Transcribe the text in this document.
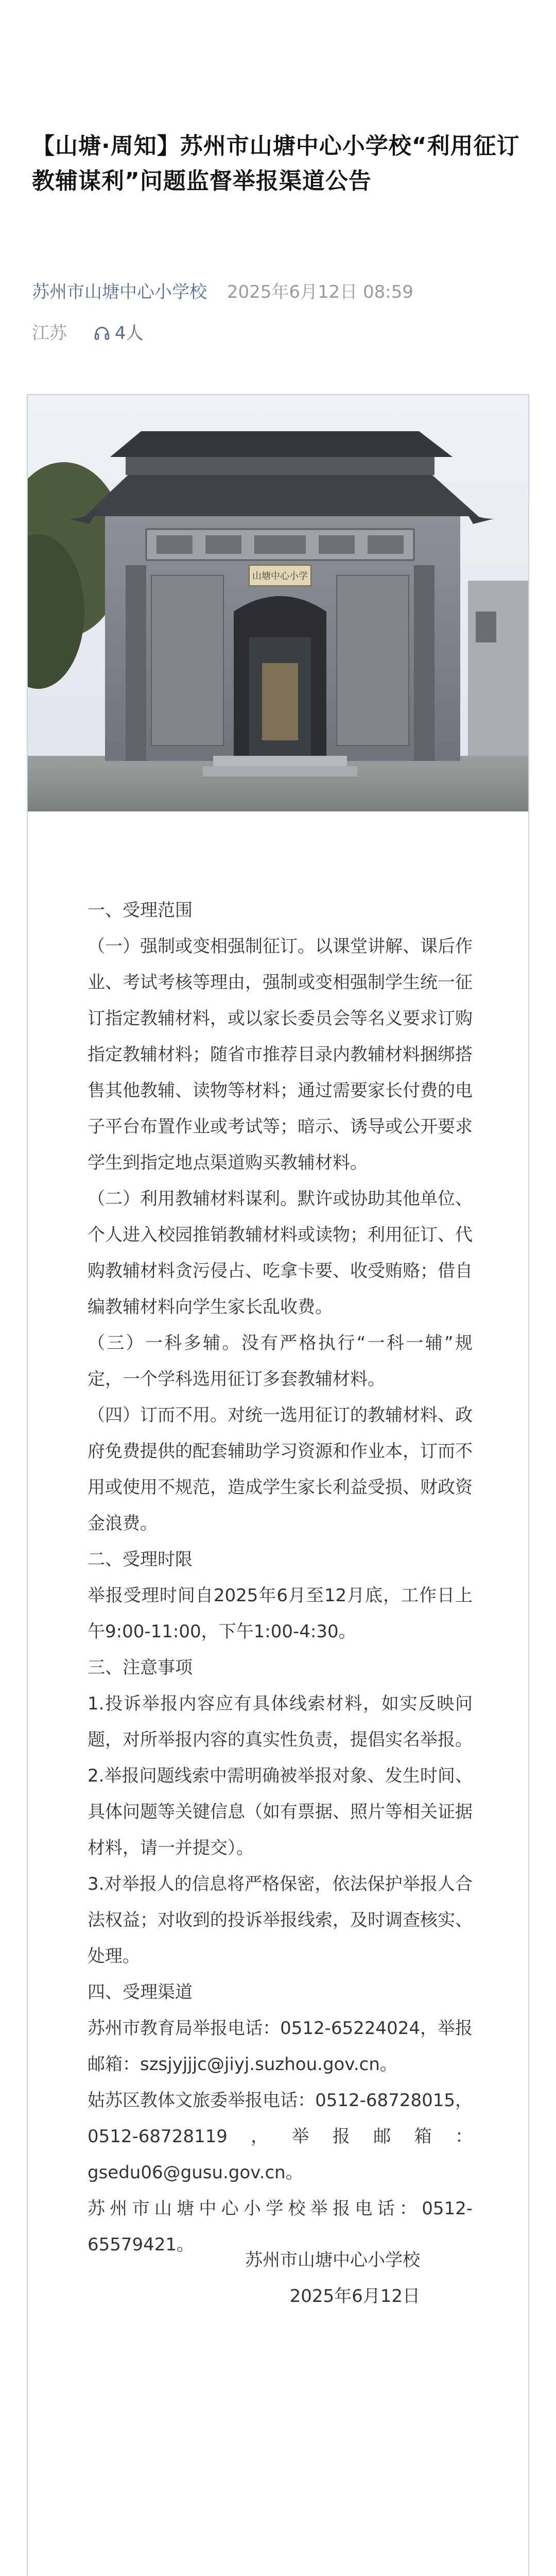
【山塘·周知】苏州市山塘中心小学校“利用征订教辅谋利”问题监督举报渠道公告
苏州市山塘中心小学校 2025年6月12日 08:59
江苏	4人
山塘中心小学

一、受理范围

（一）强制或变相强制征订。以课堂讲解、课后作业、考试考核等理由，强制或变相强制学生统一征订指定教辅材料，或以家长委员会等名义要求订购指定教辅材料；随省市推荐目录内教辅材料捆绑搭售其他教辅、读物等材料；通过需要家长付费的电子平台布置作业或考试等；暗示、诱导或公开要求学生到指定地点渠道购买教辅材料。

（二）利用教辅材料谋利。默许或协助其他单位、个人进入校园推销教辅材料或读物；利用征订、代购教辅材料贪污侵占、吃拿卡要、收受贿赂；借自编教辅材料向学生家长乱收费。

（三）一科多辅。没有严格执行“一科一辅”规定，一个学科选用征订多套教辅材料。

（四）订而不用。对统一选用征订的教辅材料、政府免费提供的配套辅助学习资源和作业本，订而不用或使用不规范，造成学生家长利益受损、财政资金浪费。

二、受理时限

举报受理时间自2025年6月至12月底，工作日上午9:00-11:00，下午1:00-4:30。

三、注意事项

1.投诉举报内容应有具体线索材料，如实反映问题，对所举报内容的真实性负责，提倡实名举报。

2.举报问题线索中需明确被举报对象、发生时间、具体问题等关键信息（如有票据、照片等相关证据材料，请一并提交）。

3.对举报人的信息将严格保密，依法保护举报人合法权益；对收到的投诉举报线索，及时调查核实、处理。

四、受理渠道

苏州市教育局举报电话：0512-65224024，举报邮箱：szsjyjjjc@jiyj.suzhou.gov.cn。

姑苏区教体文旅委举报电话：0512-68728015，0512-68728119，举报邮箱：gsedu06@gusu.gov.cn。

苏州市山塘中心小学校举报电话：0512-65579421。

苏州市山塘中心小学校
2025年6月12日
